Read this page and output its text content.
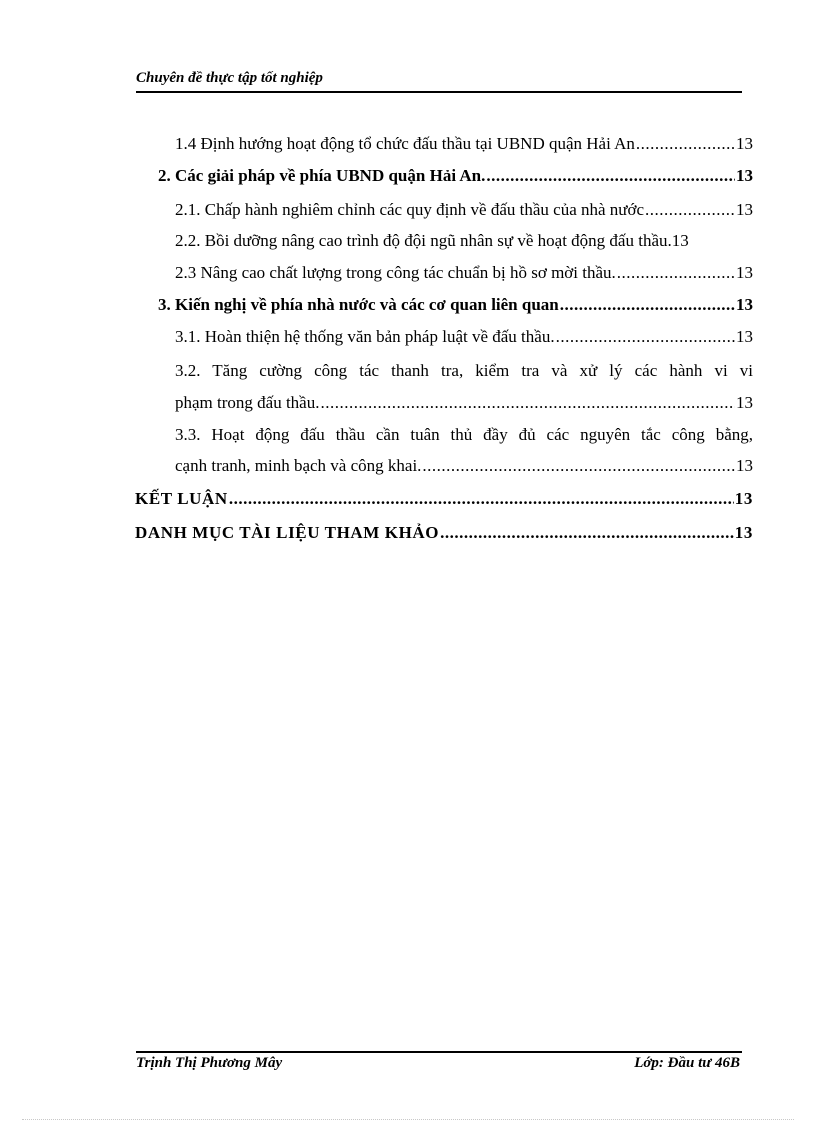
Chuyên đề thực tập tốt nghiệp
1.4 Định hướng hoạt động tổ chức đấu thầu tại UBND quận Hải An .....	13
2. Các giải pháp về phía UBND quận Hải An. .....	13
2.1. Chấp hành nghiêm chỉnh các quy định về đấu thầu của nhà nước .....	13
2.2. Bồi dưỡng nâng cao trình độ đội ngũ nhân sự về hoạt động đấu thầu. 13
2.3 Nâng cao chất lượng trong công tác chuẩn bị hồ sơ mời thầu. .....	13
3. Kiến nghị về phía nhà nước và các cơ quan liên quan .....	13
3.1. Hoàn thiện hệ thống văn bản pháp luật về đấu thầu. .....	13
3.2. Tăng cường công tác thanh tra, kiểm tra và xử lý các hành vi vi
phạm trong đấu thầu. .....	13
3.3. Hoạt động đấu thầu cần tuân thủ đầy đủ các nguyên tắc công bằng,
cạnh tranh, minh bạch và công khai. .....	13
KẾT LUẬN .....	13
DANH MỤC TÀI LIỆU THAM KHẢO .....	13
Trịnh Thị Phương Mây	Lớp: Đầu tư 46B
